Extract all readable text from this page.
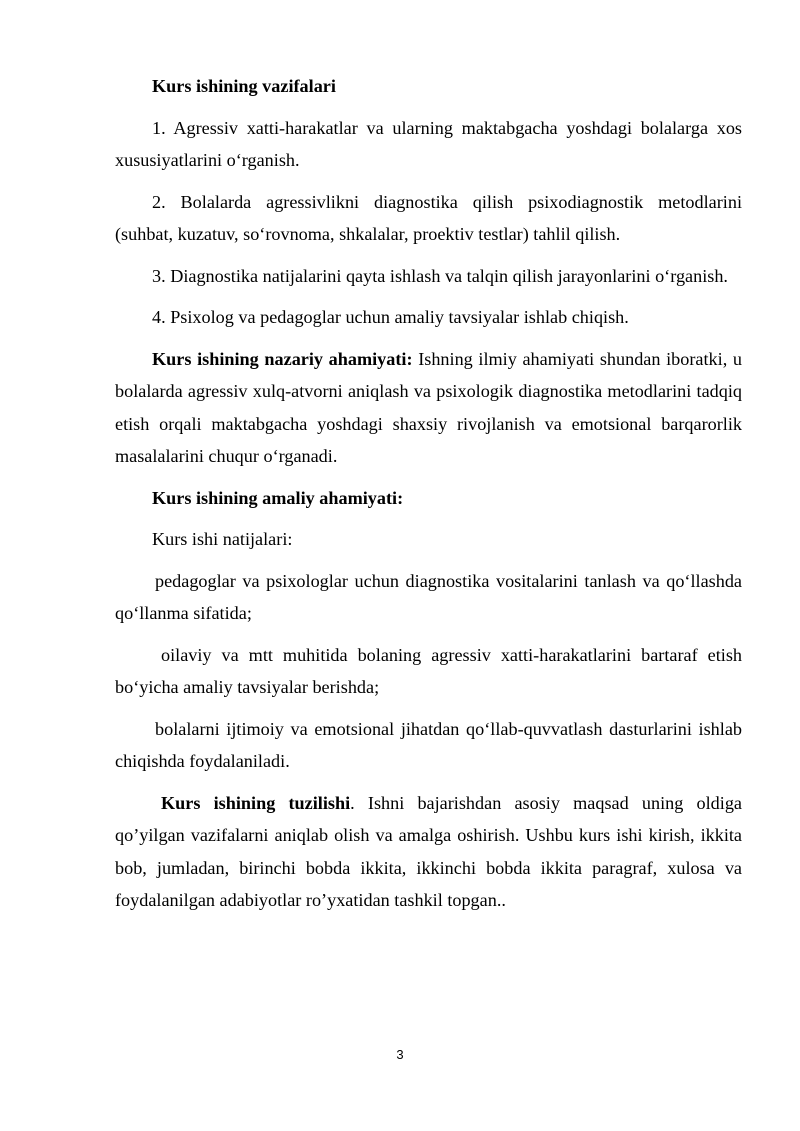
Kurs ishining vazifalari

1. Agressiv xatti-harakatlar va ularning maktabgacha yoshdagi bolalarga xos xususiyatlarini o‘rganish.

2. Bolalarda agressivlikni diagnostika qilish psixodiagnostik metodlarini (suhbat, kuzatuv, so‘rovnoma, shkalalar, proektiv testlar) tahlil qilish.

3. Diagnostika natijalarini qayta ishlash va talqin qilish jarayonlarini o‘rganish.

4. Psixolog va pedagoglar uchun amaliy tavsiyalar ishlab chiqish.

Kurs ishining nazariy ahamiyati: Ishning ilmiy ahamiyati shundan iboratki, u bolalarda agressiv xulq-atvorni aniqlash va psixologik diagnostika metodlarini tadqiq etish orqali maktabgacha yoshdagi shaxsiy rivojlanish va emotsional barqarorlik masalalarini chuqur o‘rganadi.

Kurs ishining amaliy ahamiyati:

Kurs ishi natijalari:

pedagoglar va psixologlar uchun diagnostika vositalarini tanlash va qo‘llashda qo‘llanma sifatida;

oilaviy va mtt muhitida bolaning agressiv xatti-harakatlarini bartaraf etish bo‘yicha amaliy tavsiyalar berishda;

bolalarni ijtimoiy va emotsional jihatdan qo‘llab-quvvatlash dasturlarini ishlab chiqishda foydalaniladi.

Kurs ishining tuzilishi. Ishni bajarishdan asosiy maqsad uning oldiga qo’yilgan vazifalarni aniqlab olish va amalga oshirish. Ushbu kurs ishi kirish, ikkita bob, jumladan, birinchi bobda ikkita, ikkinchi bobda ikkita paragraf, xulosa va foydalanilgan adabiyotlar ro’yxatidan tashkil topgan..

3
